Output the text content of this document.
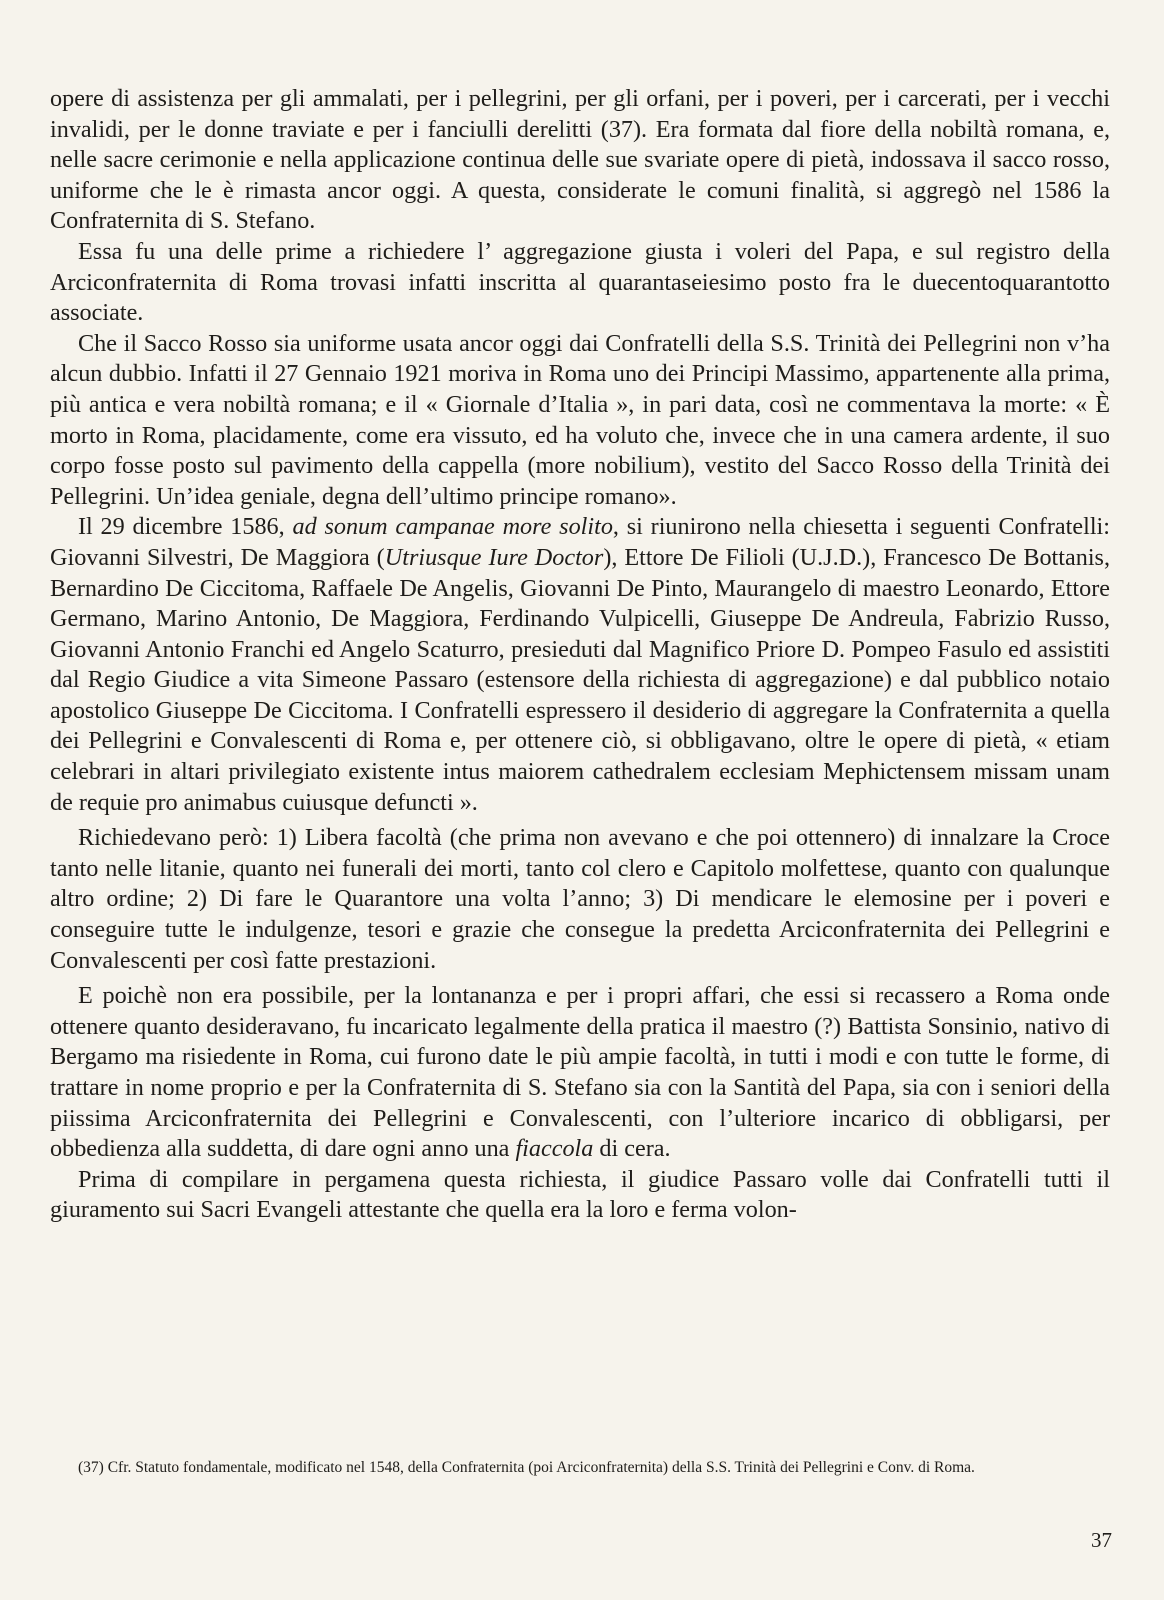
opere di assistenza per gli ammalati, per i pellegrini, per gli orfani, per i poveri, per i carcerati, per i vecchi invalidi, per le donne traviate e per i fanciulli derelitti (37). Era formata dal fiore della nobiltà romana, e, nelle sacre cerimonie e nella applicazione continua delle sue svariate opere di pietà, indossava il sacco rosso, uniforme che le è rimasta ancor oggi. A questa, considerate le comuni finalità, si aggregò nel 1586 la Confraternita di S. Stefano.

Essa fu una delle prime a richiedere l’ aggregazione giusta i voleri del Papa, e sul registro della Arciconfraternita di Roma trovasi infatti inscritta al quarantaseiesimo posto fra le duecentoquarantotto associate.

Che il Sacco Rosso sia uniforme usata ancor oggi dai Confratelli della S.S. Trinità dei Pellegrini non v’ha alcun dubbio. Infatti il 27 Gennaio 1921 moriva in Roma uno dei Principi Massimo, appartenente alla prima, più antica e vera nobiltà romana; e il « Giornale d’Italia », in pari data, così ne commentava la morte: « È morto in Roma, placidamente, come era vissuto, ed ha voluto che, invece che in una camera ardente, il suo corpo fosse posto sul pavimento della cappella (more nobilium), vestito del Sacco Rosso della Trinità dei Pellegrini. Un’idea geniale, degna dell’ultimo principe romano».

Il 29 dicembre 1586, ad sonum campanae more solito, si riunirono nella chiesetta i seguenti Confratelli: Giovanni Silvestri, De Maggiora (Utriusque Iure Doctor), Ettore De Filioli (U.J.D.), Francesco De Bottanis, Bernardino De Ciccitoma, Raffaele De Angelis, Giovanni De Pinto, Maurangelo di maestro Leonardo, Ettore Germano, Marino Antonio, De Maggiora, Ferdinando Vulpicelli, Giuseppe De Andreula, Fabrizio Russo, Giovanni Antonio Franchi ed Angelo Scaturro, presieduti dal Magnifico Priore D. Pompeo Fasulo ed assistiti dal Regio Giudice a vita Simeone Passaro (estensore della richiesta di aggregazione) e dal pubblico notaio apostolico Giuseppe De Ciccitoma. I Confratelli espressero il desiderio di aggregare la Confraternita a quella dei Pellegrini e Convalescenti di Roma e, per ottenere ciò, si obbligavano, oltre le opere di pietà, « etiam celebrari in altari privilegiato existente intus maiorem cathedralem ecclesiam Mephictensem missam unam de requie pro animabus cuiusque defuncti ».

Richiedevano però: 1) Libera facoltà (che prima non avevano e che poi ottennero) di innalzare la Croce tanto nelle litanie, quanto nei funerali dei morti, tanto col clero e Capitolo molfettese, quanto con qualunque altro ordine; 2) Di fare le Quarantore una volta l’anno; 3) Di mendicare le elemosine per i poveri e conseguire tutte le indulgenze, tesori e grazie che consegue la predetta Arciconfraternita dei Pellegrini e Convalescenti per così fatte prestazioni.

E poichè non era possibile, per la lontananza e per i propri affari, che essi si recassero a Roma onde ottenere quanto desideravano, fu incaricato legalmente della pratica il maestro (?) Battista Sonsinio, nativo di Bergamo ma risiedente in Roma, cui furono date le più ampie facoltà, in tutti i modi e con tutte le forme, di trattare in nome proprio e per la Confraternita di S. Stefano sia con la Santità del Papa, sia con i seniori della piissima Arciconfraternita dei Pellegrini e Convalescenti, con l’ulteriore incarico di obbligarsi, per obbedienza alla suddetta, di dare ogni anno una fiaccola di cera.

Prima di compilare in pergamena questa richiesta, il giudice Passaro volle dai Confratelli tutti il giuramento sui Sacri Evangeli attestante che quella era la loro e ferma volon-

(37) Cfr. Statuto fondamentale, modificato nel 1548, della Confraternita (poi Arciconfraternita) della S.S. Trinità dei Pellegrini e Conv. di Roma.

37
